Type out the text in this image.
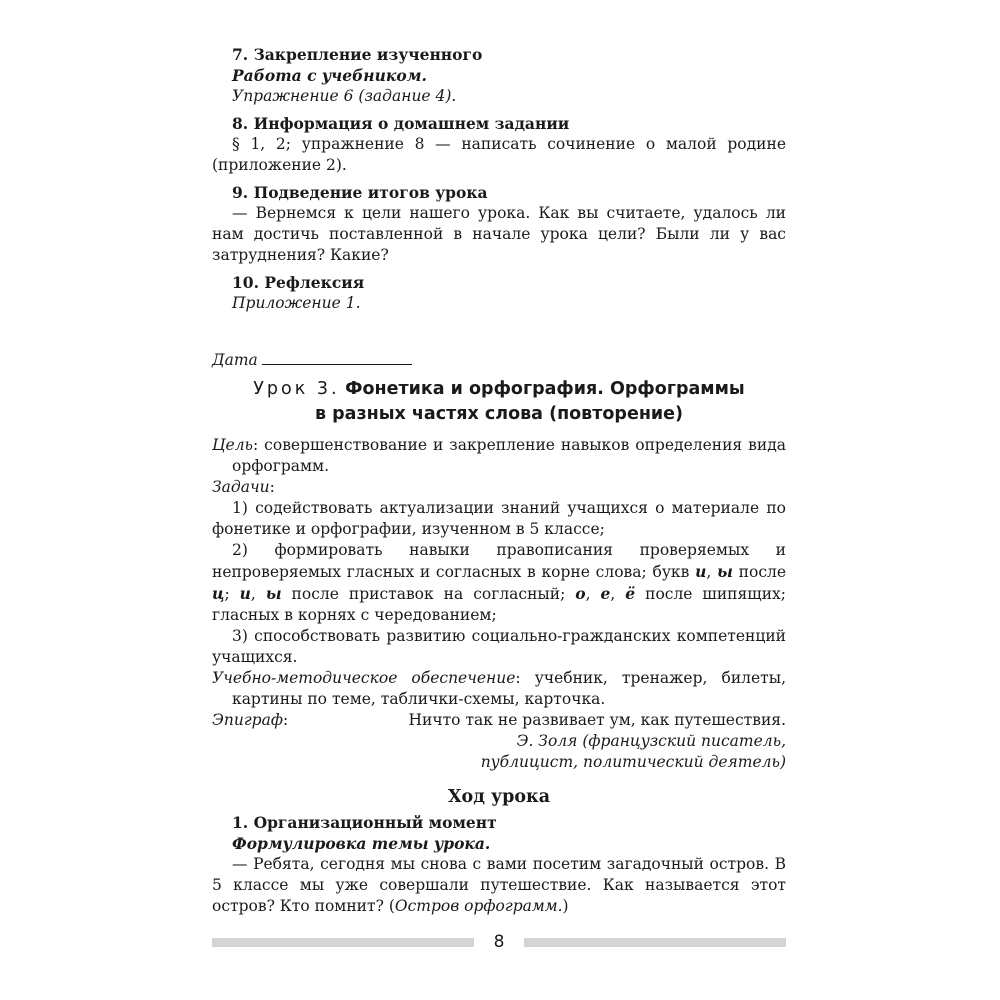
7. Закрепление изученного

Работа с учебником.

Упражнение 6 (задание 4).

8. Информация о домашнем задании

§ 1, 2; упражнение 8 — написать сочинение о малой родине (приложение 2).

9. Подведение итогов урока

— Вернемся к цели нашего урока. Как вы считаете, удалось ли нам достичь поставленной в начале урока цели? Были ли у вас затруднения? Какие?

10. Рефлексия

Приложение 1.

Дата

Урок 3. Фонетика и орфография. Орфограммы
в разных частях слова (повторение)

Цель: совершенствование и закрепление навыков определения вида орфограмм.

Задачи:

1) содействовать актуализации знаний учащихся о материале по фонетике и орфографии, изученном в 5 классе;

2) формировать навыки правописания проверяемых и непроверяемых гласных и согласных в корне слова; букв и, ы после ц; и, ы после приставок на согласный; о, е, ё после шипящих; гласных в корнях с чередованием;

3) способствовать развитию социально-гражданских компетенций учащихся.

Учебно-методическое обеспечение: учебник, тренажер, билеты, картины по теме, таблички-схемы, карточка.

Эпиграф:	Ничто так не развивает ум, как путешествия.

Э. Золя (французский писатель,

публицист, политический деятель)

Ход урока

1. Организационный момент

Формулировка темы урока.

— Ребята, сегодня мы снова с вами посетим загадочный остров. В 5 классе мы уже совершали путешествие. Как называется этот остров? Кто помнит? (Остров орфограмм.)

8
